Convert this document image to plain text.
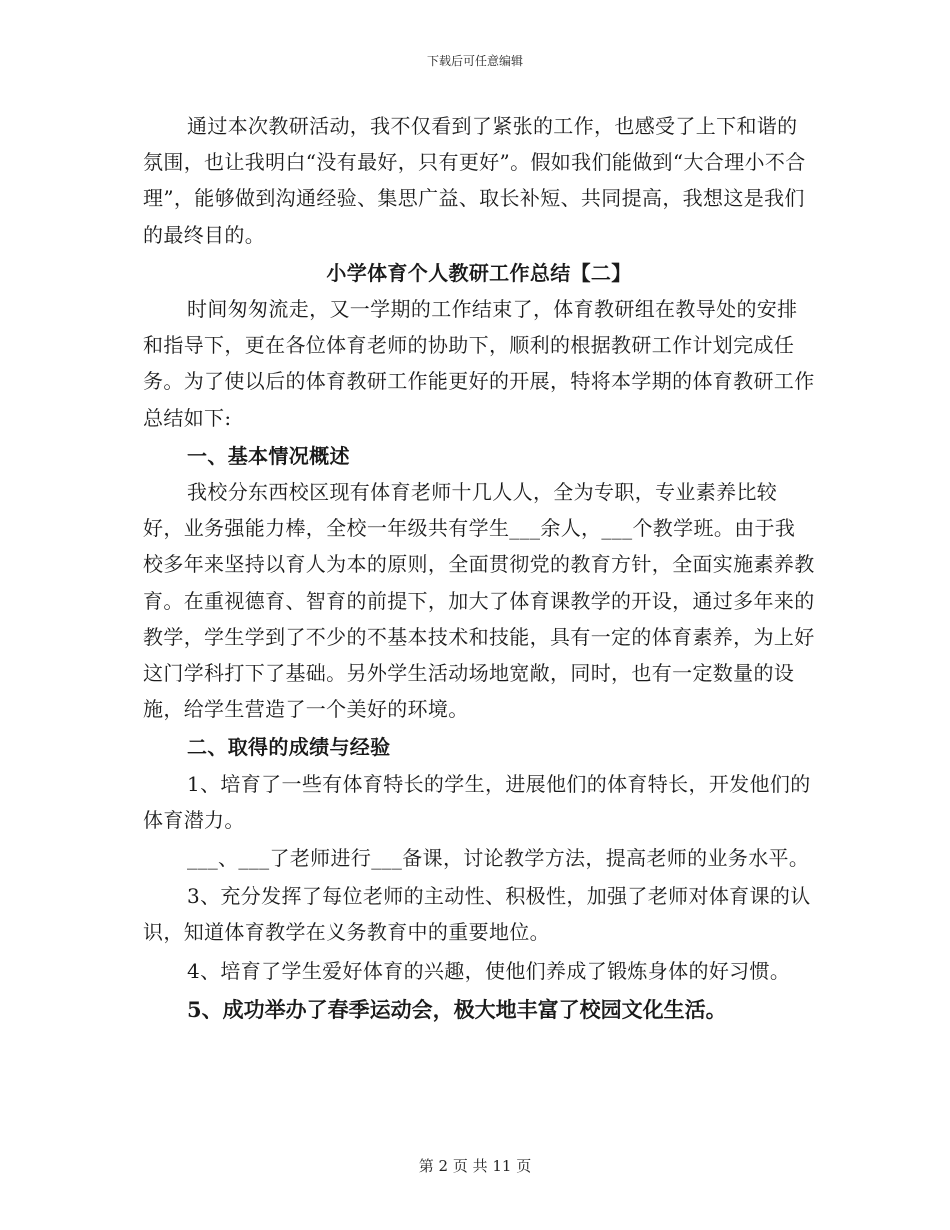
下载后可任意编辑

通过本次教研活动，我不仅看到了紧张的工作，也感受了上下和谐的氛围，也让我明白“没有最好，只有更好”。假如我们能做到“大合理小不合理”，能够做到沟通经验、集思广益、取长补短、共同提高，我想这是我们的最终目的。

小学体育个人教研工作总结【二】

时间匆匆流走，又一学期的工作结束了，体育教研组在教导处的安排和指导下，更在各位体育老师的协助下，顺利的根据教研工作计划完成任务。为了使以后的体育教研工作能更好的开展，特将本学期的体育教研工作总结如下:

一、基本情况概述

我校分东西校区现有体育老师十几人人，全为专职，专业素养比较好，业务强能力棒，全校一年级共有学生___余人，___个教学班。由于我校多年来坚持以育人为本的原则，全面贯彻党的教育方针，全面实施素养教育。在重视德育、智育的前提下，加大了体育课教学的开设，通过多年来的教学，学生学到了不少的不基本技术和技能，具有一定的体育素养，为上好这门学科打下了基础。另外学生活动场地宽敞，同时，也有一定数量的设施，给学生营造了一个美好的环境。

二、取得的成绩与经验

1、培育了一些有体育特长的学生，进展他们的体育特长，开发他们的体育潜力。

___、___了老师进行___备课，讨论教学方法，提高老师的业务水平。

3、充分发挥了每位老师的主动性、积极性，加强了老师对体育课的认识，知道体育教学在义务教育中的重要地位。

4、培育了学生爱好体育的兴趣，使他们养成了锻炼身体的好习惯。

5、成功举办了春季运动会，极大地丰富了校园文化生活。

第 2 页 共 11 页
